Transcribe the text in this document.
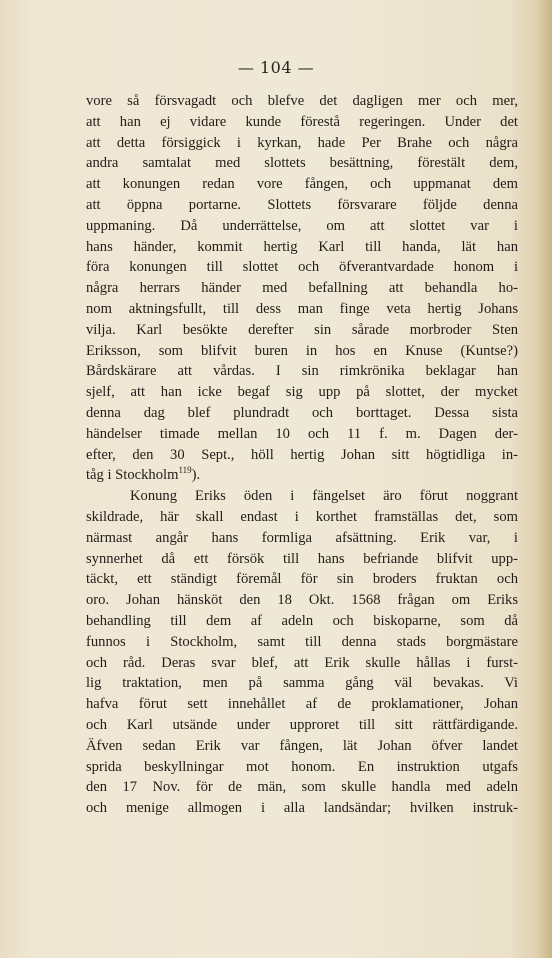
— 104 —
vore så försvagadt och blefve det dagligen mer och mer,
att han ej vidare kunde förestå regeringen. Under det
att detta försiggick i kyrkan, hade Per Brahe och några
andra samtalat med slottets besättning, förestält dem,
att konungen redan vore fången, och uppmanat dem
att öppna portarne. Slottets försvarare följde denna
uppmaning. Då underrättelse, om att slottet var i
hans händer, kommit hertig Karl till handa, lät han
föra konungen till slottet och öfverantvardade honom i
några herrars händer med befallning att behandla ho-
nom aktningsfullt, till dess man finge veta hertig Johans
vilja. Karl besökte derefter sin sårade morbroder Sten
Eriksson, som blifvit buren in hos en Knuse (Kuntse?)
Bårdskärare att vårdas. I sin rimkrönika beklagar han
sjelf, att han icke begaf sig upp på slottet, der mycket
denna dag blef plundradt och borttaget. Dessa sista
händelser timade mellan 10 och 11 f. m. Dagen der-
efter, den 30 Sept., höll hertig Johan sitt högtidliga in-
tåg i Stockholm$^{119}$).
Konung Eriks öden i fängelset äro förut noggrant
skildrade, här skall endast i korthet framställas det, som
närmast angår hans formliga afsättning. Erik var, i
synnerhet då ett försök till hans befriande blifvit upp-
täckt, ett ständigt föremål för sin broders fruktan och
oro. Johan hänsköt den 18 Okt. 1568 frågan om Eriks
behandling till dem af adeln och biskoparne, som då
funnos i Stockholm, samt till denna stads borgmästare
och råd. Deras svar blef, att Erik skulle hållas i furst-
lig traktation, men på samma gång väl bevakas. Vi
hafva förut sett innehållet af de proklamationer, Johan
och Karl utsände under upproret till sitt rättfärdigande.
Äfven sedan Erik var fången, lät Johan öfver landet
sprida beskyllningar mot honom. En instruktion utgafs
den 17 Nov. för de män, som skulle handla med adeln
och menige allmogen i alla landsändar; hvilken instruk-
